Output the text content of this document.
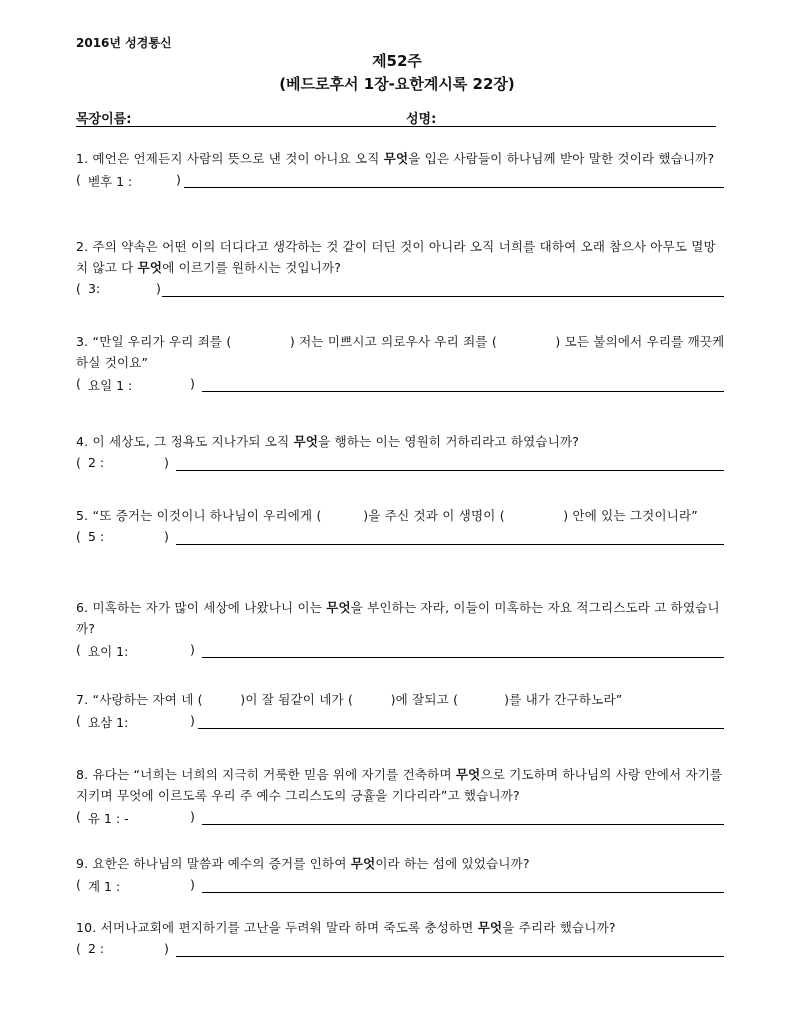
2016년 성경통신
제52주
(베드로후서 1장-요한계시록 22장)
목장이름:	성명:
1. 예언은 언제든지 사람의 뜻으로 낸 것이 아니요 오직 무엇을 입은 사람들이 하나님께 받아 말한 것이라 했습니까?
( 벧후 1 :	)
2. 주의 약속은 어떤 이의 더디다고 생각하는 것 같이 더딘 것이 아니라 오직 너희를 대하여 오래 참으사 아무도 멸망치 않고 다 무엇에 이르기를 원하시는 것입니까?
( 3:	)
3. “만일 우리가 우리 죄를 (              ) 저는 미쁘시고 의로우사 우리 죄를 (              ) 모든 불의에서 우리를 깨끗케 하실 것이요”
( 요일 1 :	)
4. 이 세상도, 그 정욕도 지나가되 오직 무엇을 행하는 이는 영원히 거하리라고 하였습니까?
( 2 :	)
5. “또 증거는 이것이니 하나님이 우리에게 (          )을 주신 것과 이 생명이 (              ) 안에 있는 그것이니라”
( 5 :	)
6. 미혹하는 자가 많이 세상에 나왔나니 이는 무엇을 부인하는 자라, 이들이 미혹하는 자요 적그리스도라 고 하였습니까?
( 요이 1:	)
7. “사랑하는 자여 네 (         )이 잘 됨같이 네가 (         )에 잘되고 (           )를 내가 간구하노라”
( 요삼 1:	)
8. 유다는 “너희는 너희의 지극히 거룩한 믿음 위에 자기를 건축하며 무엇으로 기도하며 하나님의 사랑 안에서 자기를 지키며 무엇에 이르도록 우리 주 예수 그리스도의 긍휼을 기다리라”고 했습니까?
( 유 1 : -	)
9. 요한은 하나님의 말씀과 예수의 증거를 인하여 무엇이라 하는 섬에 있었습니까?
( 계 1 :	)
10. 서머나교회에 편지하기를 고난을 두려워 말라 하며 죽도록 충성하면 무엇을 주리라 했습니까?
( 2 :	)
